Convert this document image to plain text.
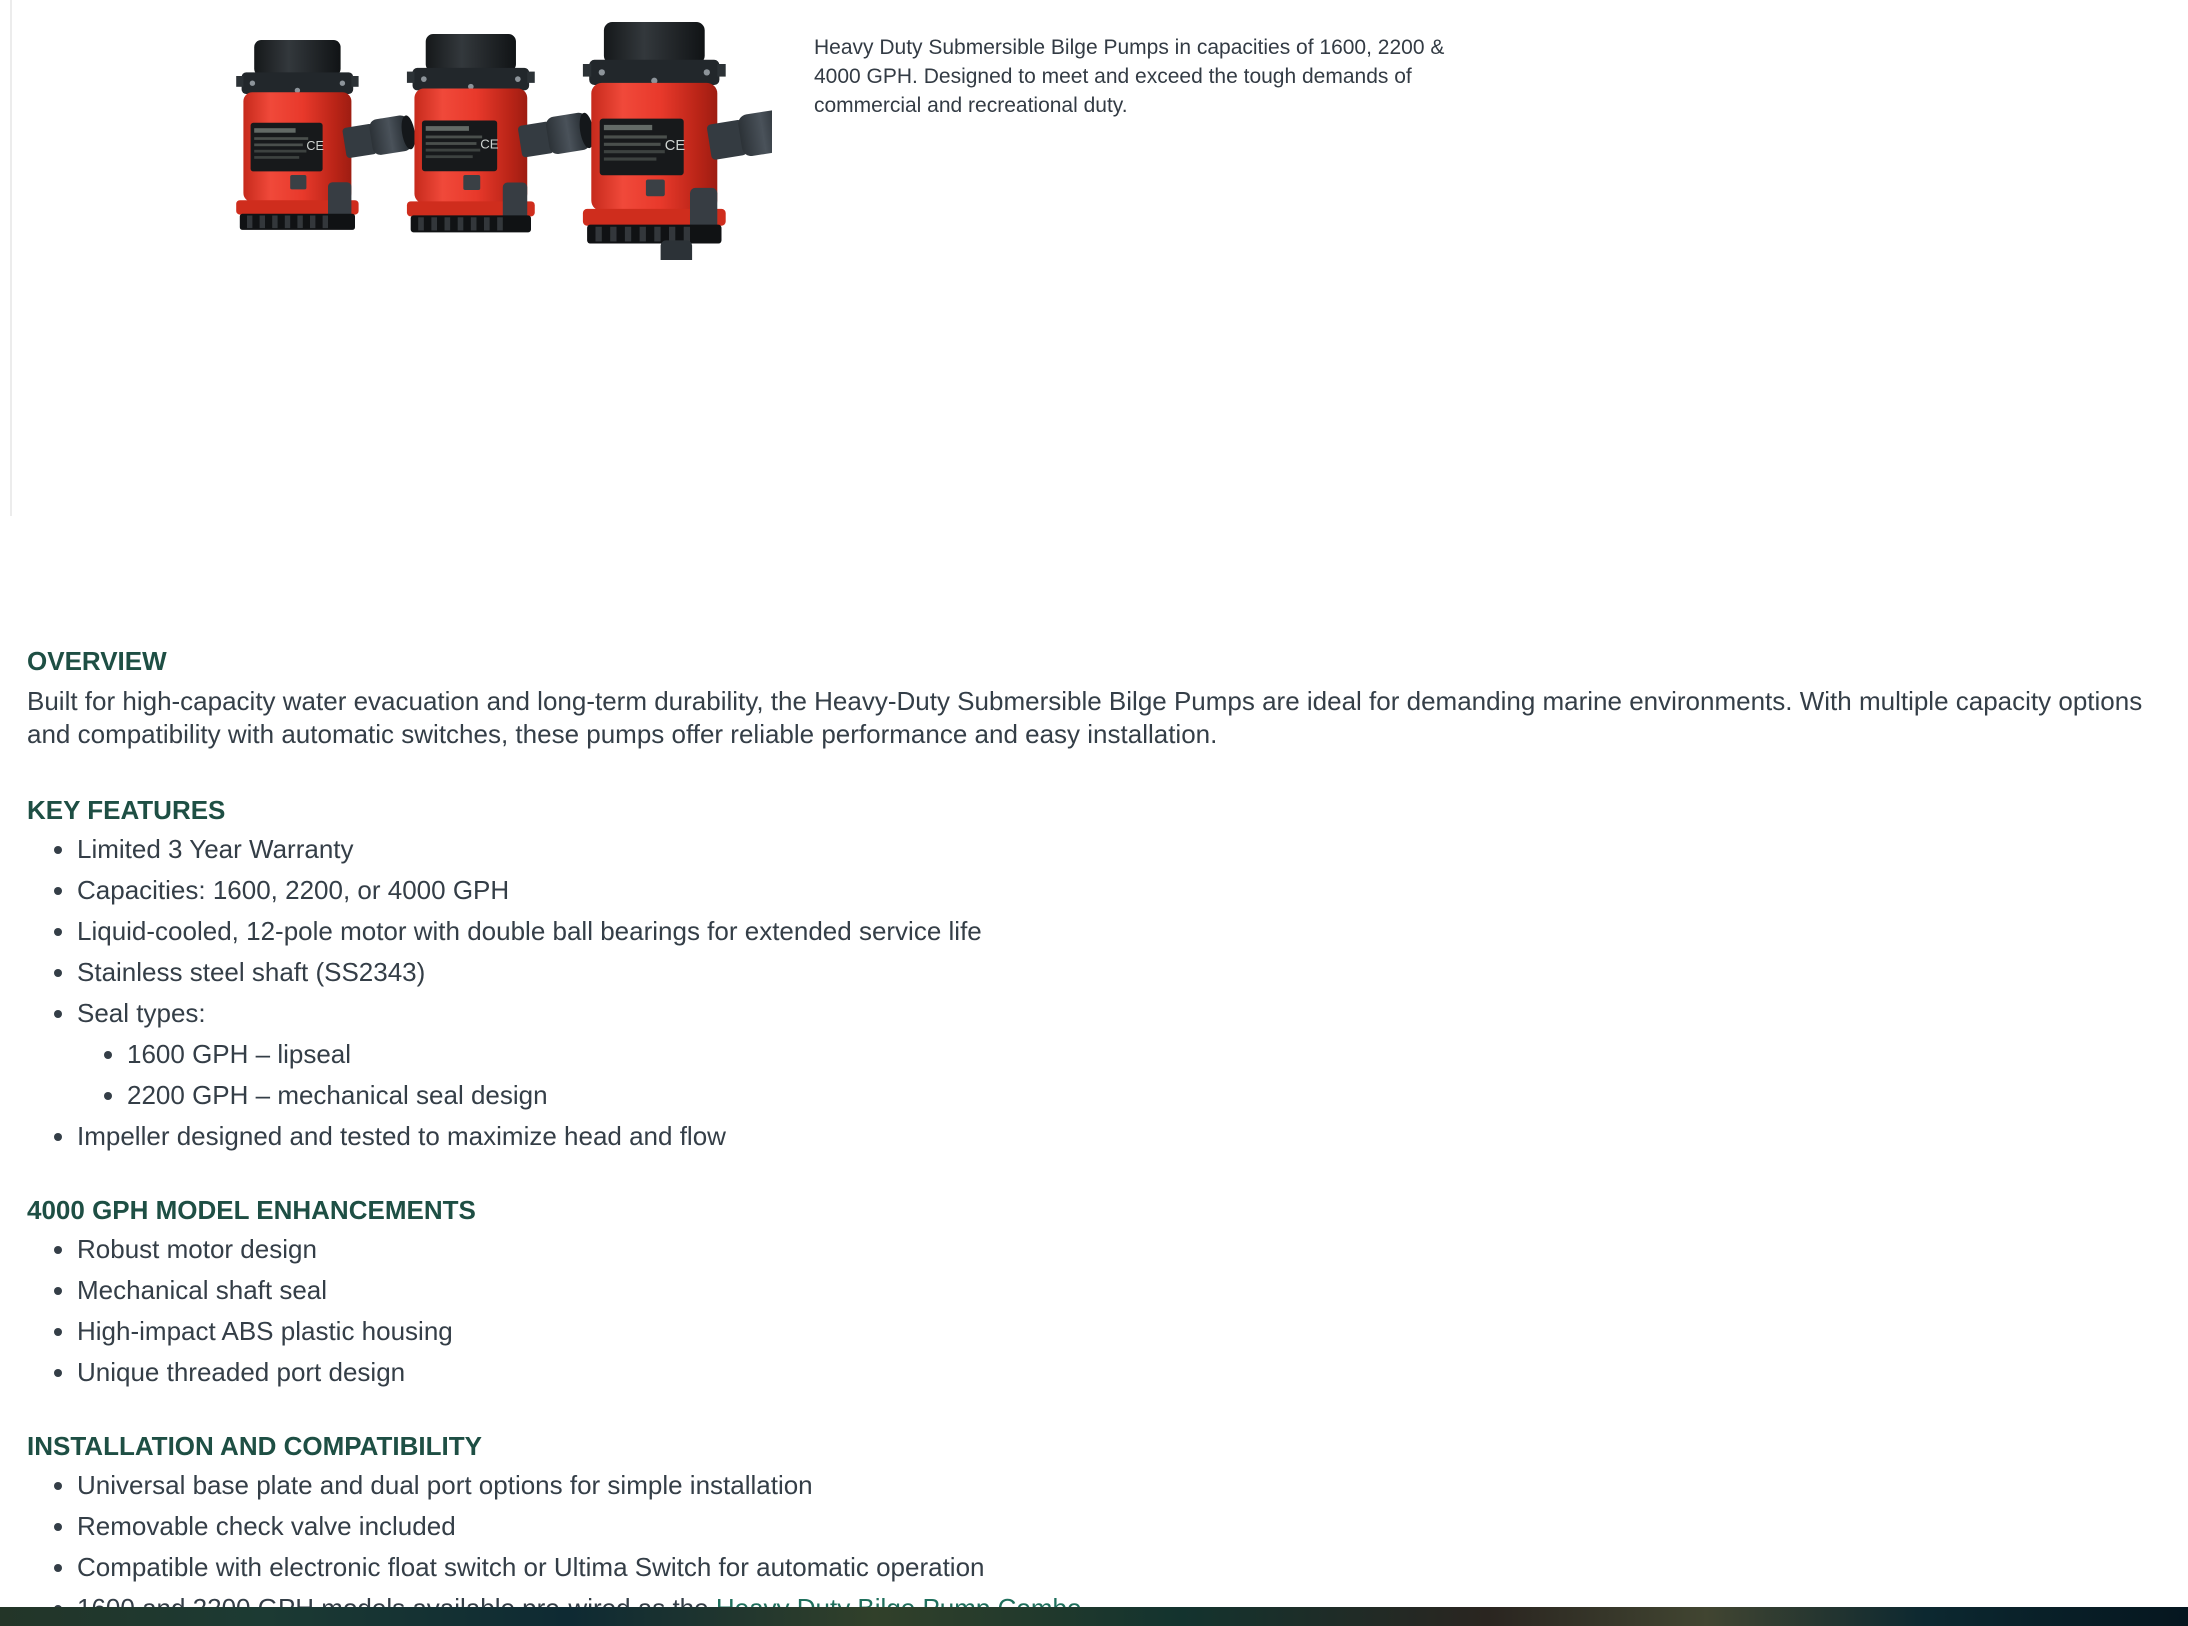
Heavy Duty Submersible Bilge Pumps in capacities of 1600, 2200 & 4000 GPH. Designed to meet and exceed the tough demands of commercial and recreational duty.

OVERVIEW

Built for high-capacity water evacuation and long-term durability, the Heavy-Duty Submersible Bilge Pumps are ideal for demanding marine environments. With multiple capacity options and compatibility with automatic switches, these pumps offer reliable performance and easy installation.

KEY FEATURES
• Limited 3 Year Warranty
• Capacities: 1600, 2200, or 4000 GPH
• Liquid-cooled, 12-pole motor with double ball bearings for extended service life
• Stainless steel shaft (SS2343)
• Seal types:
• 1600 GPH – lipseal
• 2200 GPH – mechanical seal design
• Impeller designed and tested to maximize head and flow
4000 GPH MODEL ENHANCEMENTS
• Robust motor design
• Mechanical shaft seal
• High-impact ABS plastic housing
• Unique threaded port design
INSTALLATION AND COMPATIBILITY
• Universal base plate and dual port options for simple installation
• Removable check valve included
• Compatible with electronic float switch or Ultima Switch for automatic operation
•
